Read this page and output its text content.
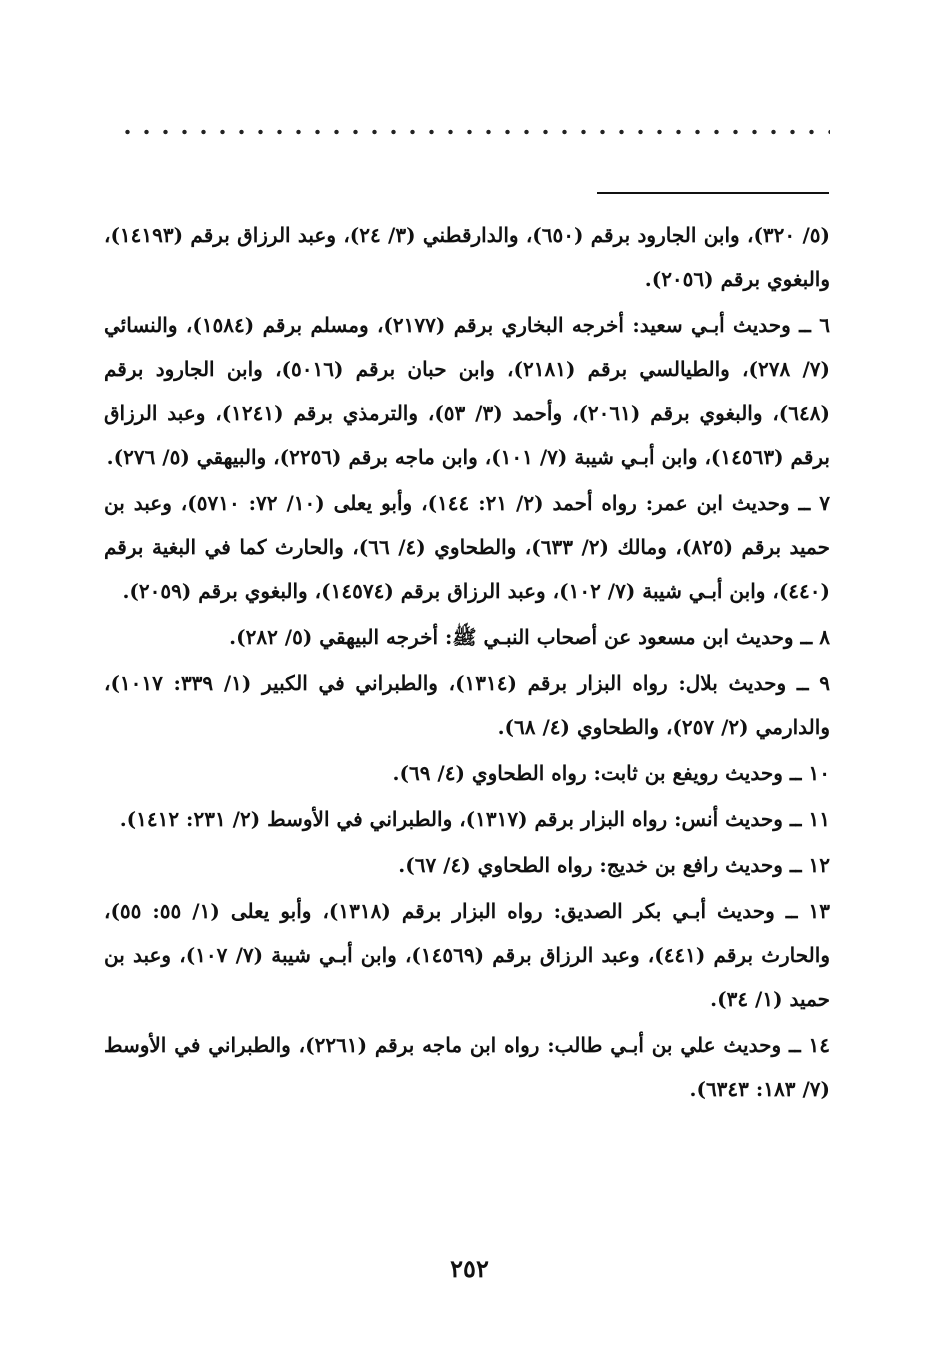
(٥/ ٣٢٠)، وابن الجارود برقم (٦٥٠)، والدارقطني (٣/ ٢٤)، وعبد الرزاق برقم (١٤١٩٣)، والبغوي برقم (٢٠٥٦).

٦ ــ وحديث أبـي سعيد: أخرجه البخاري برقم (٢١٧٧)، ومسلم برقم (١٥٨٤)، والنسائي (٧/ ٢٧٨)، والطيالسي برقم (٢١٨١)، وابن حبان برقم (٥٠١٦)، وابن الجارود برقم (٦٤٨)، والبغوي برقم (٢٠٦١)، وأحمد (٣/ ٥٣)، والترمذي برقم (١٢٤١)، وعبد الرزاق برقم (١٤٥٦٣)، وابن أبـي شيبة (٧/ ١٠١)، وابن ماجه برقم (٢٢٥٦)، والبيهقي (٥/ ٢٧٦).

٧ ــ وحديث ابن عمر: رواه أحمد (٢/ ٢١: ١٤٤)، وأبو يعلى (١٠/ ٧٢: ٥٧١٠)، وعبد بن حميد برقم (٨٢٥)، ومالك (٢/ ٦٣٣)، والطحاوي (٤/ ٦٦)، والحارث كما في البغية برقم (٤٤٠)، وابن أبـي شيبة (٧/ ١٠٢)، وعبد الرزاق برقم (١٤٥٧٤)، والبغوي برقم (٢٠٥٩).

٨ ــ وحديث ابن مسعود عن أصحاب النبـي ﷺ: أخرجه البيهقي (٥/ ٢٨٢).

٩ ــ وحديث بلال: رواه البزار برقم (١٣١٤)، والطبراني في الكبير (١/ ٣٣٩: ١٠١٧)، والدارمي (٢/ ٢٥٧)، والطحاوي (٤/ ٦٨).

١٠ ــ وحديث رويفع بن ثابت: رواه الطحاوي (٤/ ٦٩).

١١ ــ وحديث أنس: رواه البزار برقم (١٣١٧)، والطبراني في الأوسط (٢/ ٢٣١: ١٤١٢).

١٢ ــ وحديث رافع بن خديج: رواه الطحاوي (٤/ ٦٧).

١٣ ــ وحديث أبـي بكر الصديق: رواه البزار برقم (١٣١٨)، وأبو يعلى (١/ ٥٥: ٥٥)، والحارث برقم (٤٤١)، وعبد الرزاق برقم (١٤٥٦٩)، وابن أبـي شيبة (٧/ ١٠٧)، وعبد بن حميد (١/ ٣٤).

١٤ ــ وحديث علي بن أبـي طالب: رواه ابن ماجه برقم (٢٢٦١)، والطبراني في الأوسط (٧/ ١٨٣: ٦٣٤٣).

٢٥٢
